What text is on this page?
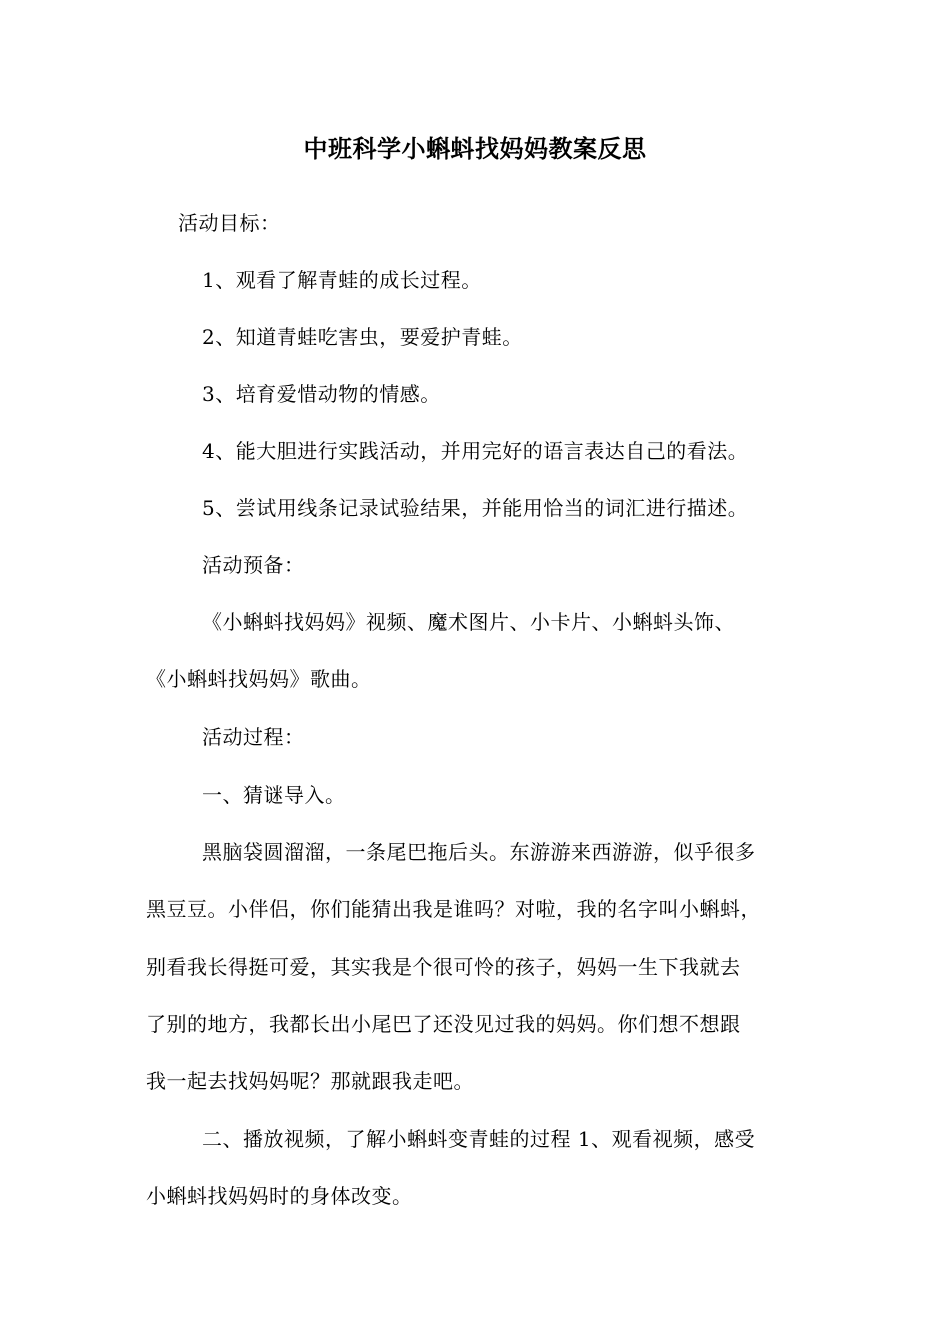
中班科学小蝌蚪找妈妈教案反思
活动目标：
1、观看了解青蛙的成长过程。
2、知道青蛙吃害虫，要爱护青蛙。
3、培育爱惜动物的情感。
4、能大胆进行实践活动，并用完好的语言表达自己的看法。
5、尝试用线条记录试验结果，并能用恰当的词汇进行描述。
活动预备：
《小蝌蚪找妈妈》视频、魔术图片、小卡片、小蝌蚪头饰、
《小蝌蚪找妈妈》歌曲。
活动过程：
一、猜谜导入。
黑脑袋圆溜溜，一条尾巴拖后头。东游游来西游游，似乎很多
黑豆豆。小伴侣，你们能猜出我是谁吗？对啦，我的名字叫小蝌蚪，
别看我长得挺可爱，其实我是个很可怜的孩子，妈妈一生下我就去
了别的地方，我都长出小尾巴了还没见过我的妈妈。你们想不想跟
我一起去找妈妈呢？那就跟我走吧。
二、播放视频，了解小蝌蚪变青蛙的过程 1、观看视频，感受
小蝌蚪找妈妈时的身体改变。
